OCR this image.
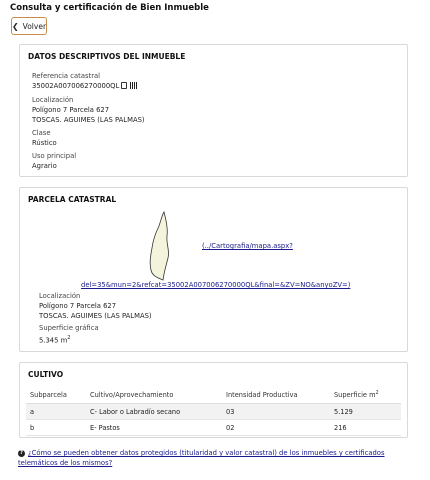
Consulta y certificación de Bien Inmueble
❮ Volver
DATOS DESCRIPTIVOS DEL INMUEBLE
Referencia catastral
35002A007006270000QL
Localización
Polígono 7 Parcela 627
TOSCAS. AGUIMES (LAS PALMAS)
Clase
Rústico
Uso principal
Agrario
PARCELA CATASTRAL
(../Cartografia/mapa.aspx?
del=35&mun=2&refcat=35002A007006270000QL&final=&ZV=NO&anyoZV=)
Localización
Polígono 7 Parcela 627
TOSCAS. AGUIMES (LAS PALMAS)
Superficie gráfica
5.345 $m^2$
CULTIVO
Subparcela	Cultivo/Aprovechamiento	Intensidad Productiva	Superficie $m^2$
a	C- Labor o Labradío secano	03	5.129
b	E- Pastos	02	216
? ¿Cómo se pueden obtener datos protegidos (titularidad y valor catastral) de los inmuebles y certificados telemáticos de los mismos?
